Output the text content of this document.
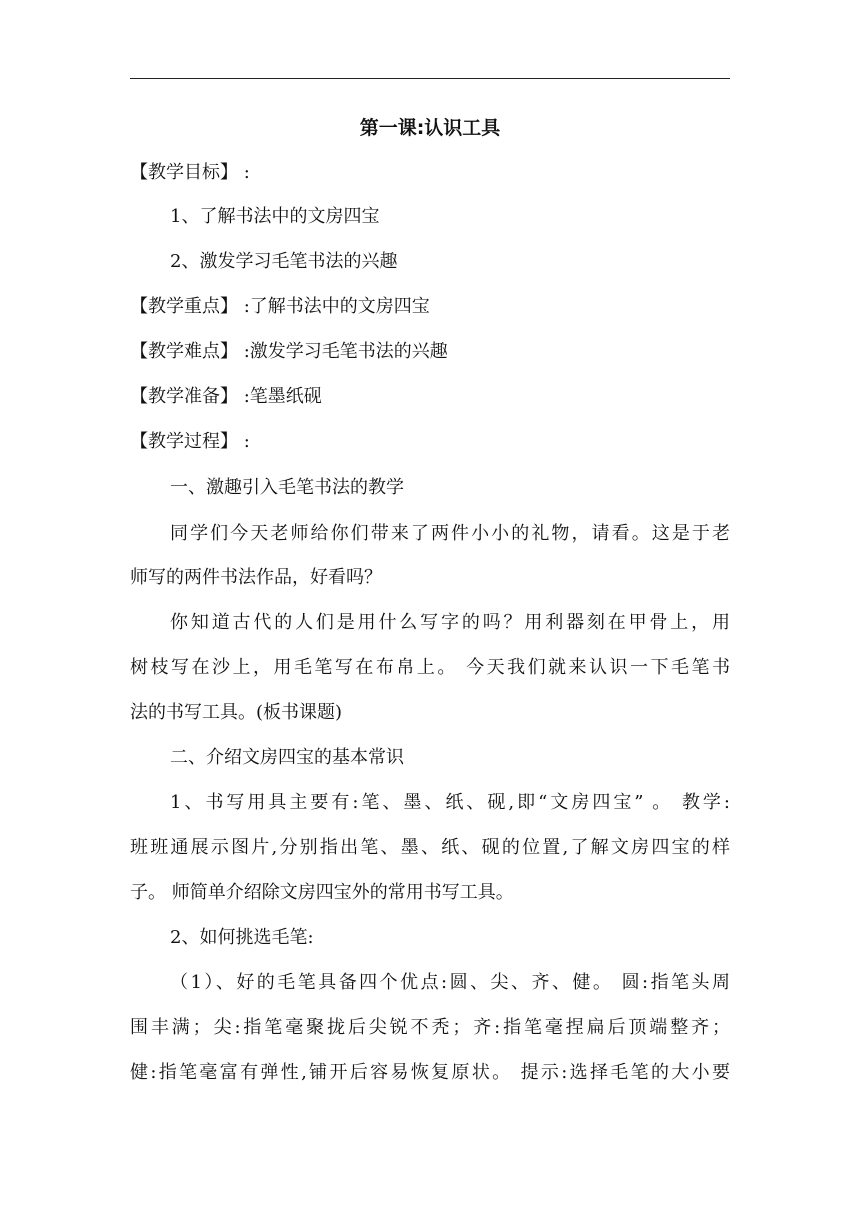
第一课:认识工具
【教学目标】 :
1、了解书法中的文房四宝
2、激发学习毛笔书法的兴趣
【教学重点】 :了解书法中的文房四宝
【教学难点】 :激发学习毛笔书法的兴趣
【教学准备】 :笔墨纸砚
【教学过程】 :
一、激趣引入毛笔书法的教学
同学们今天老师给你们带来了两件小小的礼物，请看。这是于老
师写的两件书法作品，好看吗？
你知道古代的人们是用什么写字的吗？用利器刻在甲骨上，用
树枝写在沙上，用毛笔写在布帛上。 今天我们就来认识一下毛笔书
法的书写工具。(板书课题)
二、介绍文房四宝的基本常识
1、书写用具主要有:笔、墨、纸、砚,即“文房四宝” 。 教学:
班班通展示图片,分别指出笔、墨、纸、砚的位置,了解文房四宝的样
子。 师简单介绍除文房四宝外的常用书写工具。
2、如何挑选毛笔:
（1）、好的毛笔具备四个优点:圆、尖、齐、健。 圆:指笔头周
围丰满；尖:指笔毫聚拢后尖锐不秃；齐:指笔毫捏扁后顶端整齐；
健:指笔毫富有弹性,铺开后容易恢复原状。 提示:选择毛笔的大小要
